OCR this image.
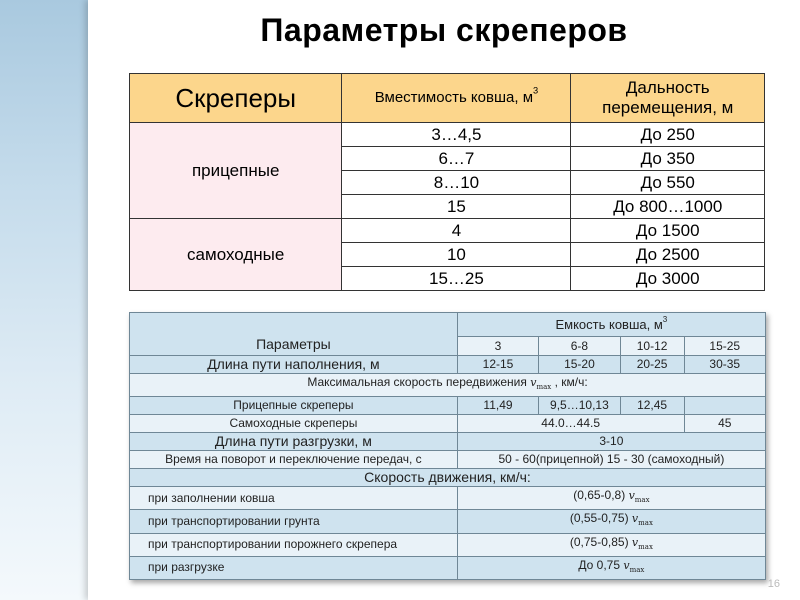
Параметры скреперов
Скреперы	Вместимость ковша, $м^3$	Дальность перемещения, м
прицепные	3…4,5	До 250
	6…7	До 350
	8…10	До 550
	15	До 800…1000
самоходные	4	До 1500
	10	До 2500
	15…25	До 3000
Параметры	Емкость ковша, $м^3$
	3	6-8	10-12	15-25
Длина пути наполнения, м	12-15	15-20	20-25	30-35
Максимальная скорость передвижения $v_{max}$ , км/ч:				
Прицепные скреперы	11,49	9,5…10,13	12,45	
Самоходные скреперы	44.0…44.5			45
Длина пути разгрузки, м	3-10			
Время на поворот и переключение передач, с	50 - 60(прицепной) 15 - 30 (самоходный)			
Скорость движения, км/ч:				
при заполнении ковша	(0,65-0,8) $v_{max}$
при транспортировании грунта	(0,55-0,75) $v_{max}$
при транспортировании порожнего скрепера	(0,75-0,85) $v_{max}$
при разгрузке	До 0,75 $v_{max}$
16
